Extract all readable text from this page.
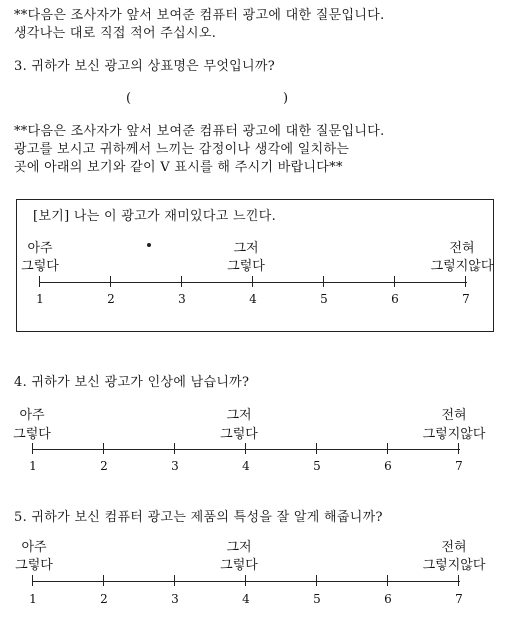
**다음은 조사자가 앞서 보여준 컴퓨터 광고에 대한 질문입니다.
생각나는 대로 직접 적어 주십시오.
3. 귀하가 보신 광고의 상표명은 무엇입니까?
(	)
**다음은 조사자가 앞서 보여준 컴퓨터 광고에 대한 질문입니다.
광고를 보시고 귀하께서 느끼는 감정이나 생각에 일치하는
곳에 아래의 보기와 같이 V 표시를 해 주시기 바랍니다**
[보기] 나는 이 광고가 재미있다고 느낀다.
아주
그렇다
그저
그렇다
전혀
그렇지않다
1	2	3	4	5	6	7
4. 귀하가 보신 광고가 인상에 남습니까?
아주
그렇다
그저
그렇다
전혀
그렇지않다
1	2	3	4	5	6	7
5. 귀하가 보신 컴퓨터 광고는 제품의 특성을 잘 알게 해줍니까?
아주
그렇다
그저
그렇다
전혀
그렇지않다
1	2	3	4	5	6	7
